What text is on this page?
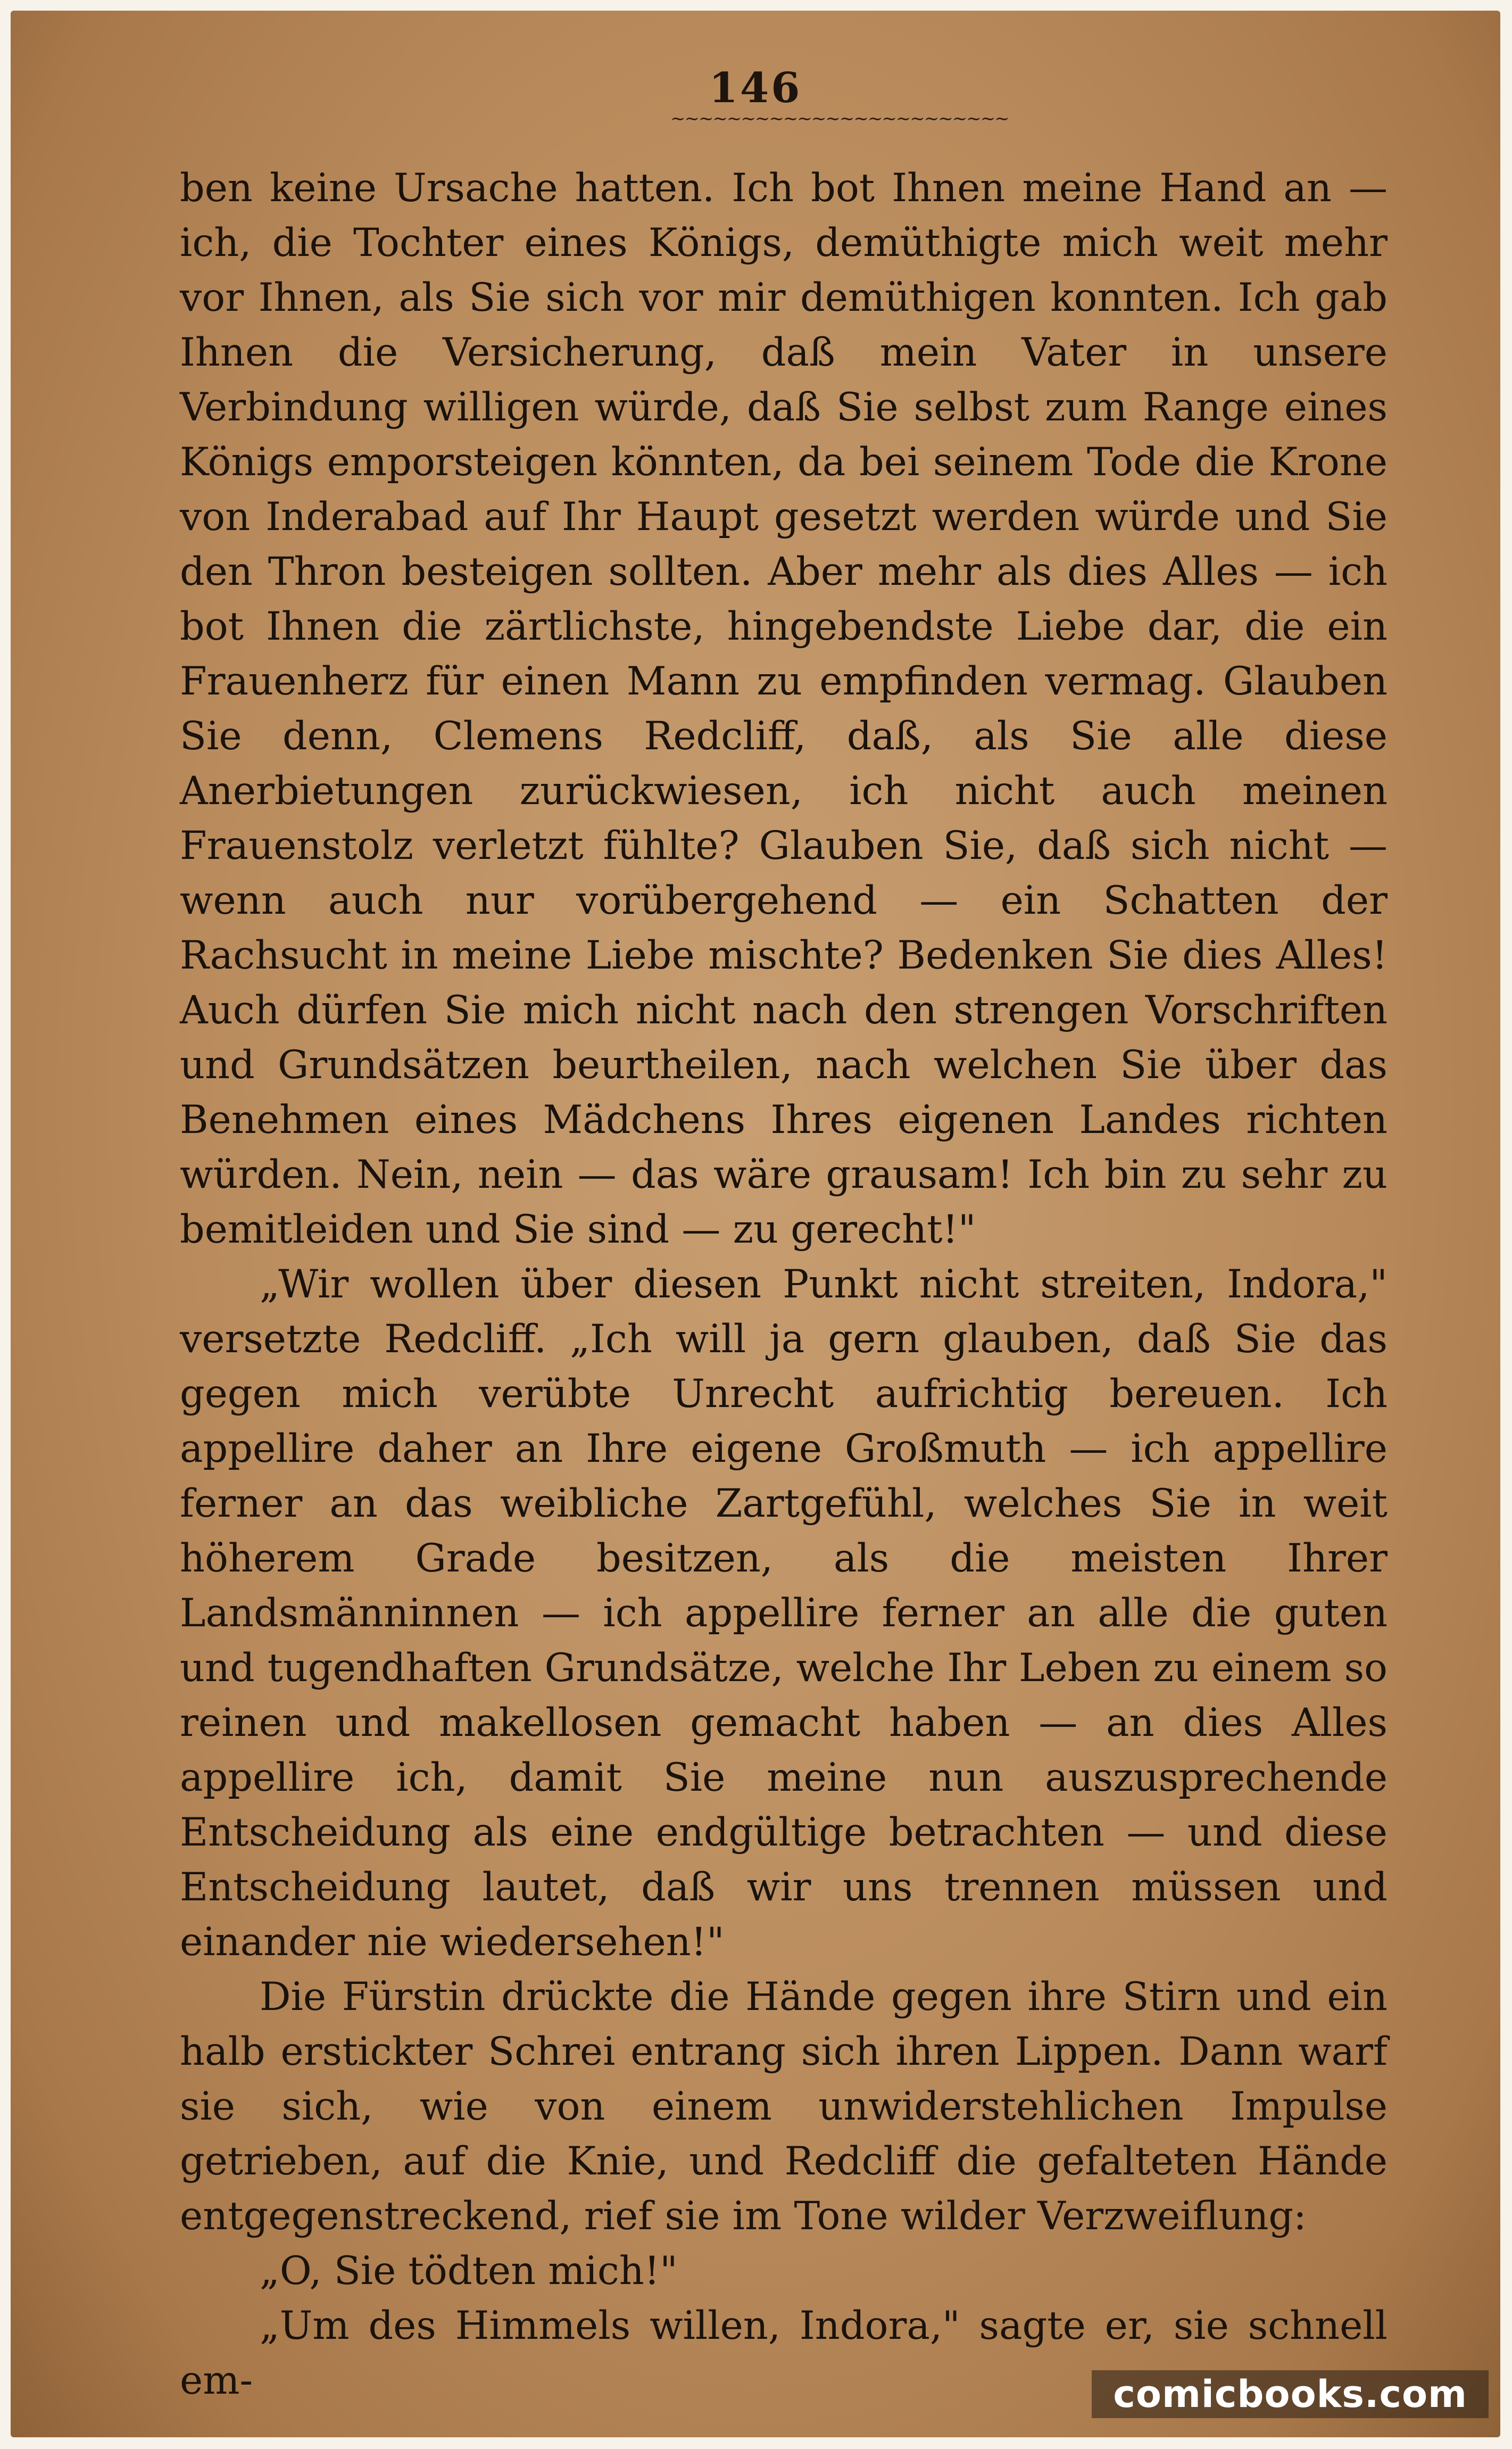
146
~~~~~~~~~~~~~~~~~~~~~~~~

ben keine Ursache hatten. Ich bot Ihnen meine Hand an — ich, die Tochter eines Königs, demüthigte mich weit mehr vor Ihnen, als Sie sich vor mir demüthigen konnten. Ich gab Ihnen die Versicherung, daß mein Vater in unsere Verbindung willigen würde, daß Sie selbst zum Range eines Königs emporsteigen könnten, da bei seinem Tode die Krone von Inderabad auf Ihr Haupt gesetzt werden würde und Sie den Thron besteigen sollten. Aber mehr als dies Alles — ich bot Ihnen die zärtlichste, hingebendste Liebe dar, die ein Frauenherz für einen Mann zu empfinden vermag. Glauben Sie denn, Clemens Redcliff, daß, als Sie alle diese Anerbietungen zurückwiesen, ich nicht auch meinen Frauenstolz verletzt fühlte? Glauben Sie, daß sich nicht — wenn auch nur vorübergehend — ein Schatten der Rachsucht in meine Liebe mischte? Bedenken Sie dies Alles! Auch dürfen Sie mich nicht nach den strengen Vorschriften und Grundsätzen beurtheilen, nach welchen Sie über das Benehmen eines Mädchens Ihres eigenen Landes richten würden. Nein, nein — das wäre grausam! Ich bin zu sehr zu bemitleiden und Sie sind — zu gerecht!"

„Wir wollen über diesen Punkt nicht streiten, Indora," versetzte Redcliff. „Ich will ja gern glauben, daß Sie das gegen mich verübte Unrecht aufrichtig bereuen. Ich appellire daher an Ihre eigene Großmuth — ich appellire ferner an das weibliche Zartgefühl, welches Sie in weit höherem Grade besitzen, als die meisten Ihrer Landsmänninnen — ich appellire ferner an alle die guten und tugendhaften Grundsätze, welche Ihr Leben zu einem so reinen und makellosen gemacht haben — an dies Alles appellire ich, damit Sie meine nun auszusprechende Entscheidung als eine endgültige betrachten — und diese Entscheidung lautet, daß wir uns trennen müssen und einander nie wiedersehen!"

Die Fürstin drückte die Hände gegen ihre Stirn und ein halb erstickter Schrei entrang sich ihren Lippen. Dann warf sie sich, wie von einem unwiderstehlichen Impulse getrieben, auf die Knie, und Redcliff die gefalteten Hände entgegenstreckend, rief sie im Tone wilder Verzweiflung:

„O, Sie tödten mich!"

„Um des Himmels willen, Indora," sagte er, sie schnell em-	comicbooks.com
